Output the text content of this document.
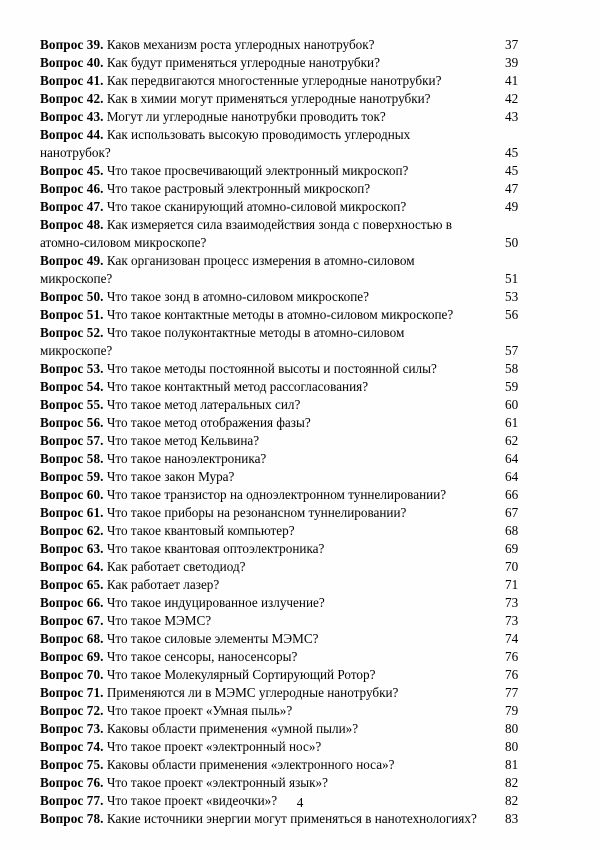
Вопрос 39. Каков механизм роста углеродных нанотрубок?	37
Вопрос 40. Как будут применяться углеродные нанотрубки?	39
Вопрос 41. Как передвигаются многостенные углеродные нанотрубки?	41
Вопрос 42. Как в химии могут применяться углеродные нанотрубки?	42
Вопрос 43. Могут ли углеродные нанотрубки проводить ток?	43
Вопрос 44. Как использовать высокую проводимость углеродных
нанотрубок?	45
Вопрос 45. Что такое просвечивающий электронный микроскоп?	45
Вопрос 46. Что такое растровый электронный микроскоп?	47
Вопрос 47. Что такое сканирующий атомно-силовой микроскоп?	49
Вопрос 48. Как измеряется сила взаимодействия зонда с поверхностью в
атомно-силовом микроскопе?	50
Вопрос 49. Как организован процесс измерения в атомно-силовом
микроскопе?	51
Вопрос 50. Что такое зонд в атомно-силовом микроскопе?	53
Вопрос 51. Что такое контактные методы в атомно-силовом микроскопе?	56
Вопрос 52. Что такое полуконтактные методы в атомно-силовом
микроскопе?	57
Вопрос 53. Что такое методы постоянной высоты и постоянной силы?	58
Вопрос 54. Что такое контактный метод рассогласования?	59
Вопрос 55. Что такое метод латеральных сил?	60
Вопрос 56. Что такое метод отображения фазы?	61
Вопрос 57. Что такое метод Кельвина?	62
Вопрос 58. Что такое наноэлектроника?	64
Вопрос 59. Что такое закон Мура?	64
Вопрос 60. Что такое транзистор на одноэлектронном туннелировании?	66
Вопрос 61. Что такое приборы на резонансном туннелировании?	67
Вопрос 62. Что такое квантовый компьютер?	68
Вопрос 63. Что такое квантовая оптоэлектроника?	69
Вопрос 64. Как работает светодиод?	70
Вопрос 65. Как работает лазер?	71
Вопрос 66. Что такое индуцированное излучение?	73
Вопрос 67. Что такое МЭМС?	73
Вопрос 68. Что такое силовые элементы МЭМС?	74
Вопрос 69. Что такое сенсоры, наносенсоры?	76
Вопрос 70. Что такое Молекулярный Сортирующий Ротор?	76
Вопрос 71. Применяются ли в МЭМС углеродные нанотрубки?	77
Вопрос 72. Что такое проект «Умная пыль»?	79
Вопрос 73. Каковы области применения «умной пыли»?	80
Вопрос 74. Что такое проект «электронный нос»?	80
Вопрос 75. Каковы области применения «электронного носа»?	81
Вопрос 76. Что такое проект «электронный язык»?	82
Вопрос 77. Что такое проект «видеочки»?	82
Вопрос 78. Какие источники энергии могут применяться в нанотехнологиях? 83
4
